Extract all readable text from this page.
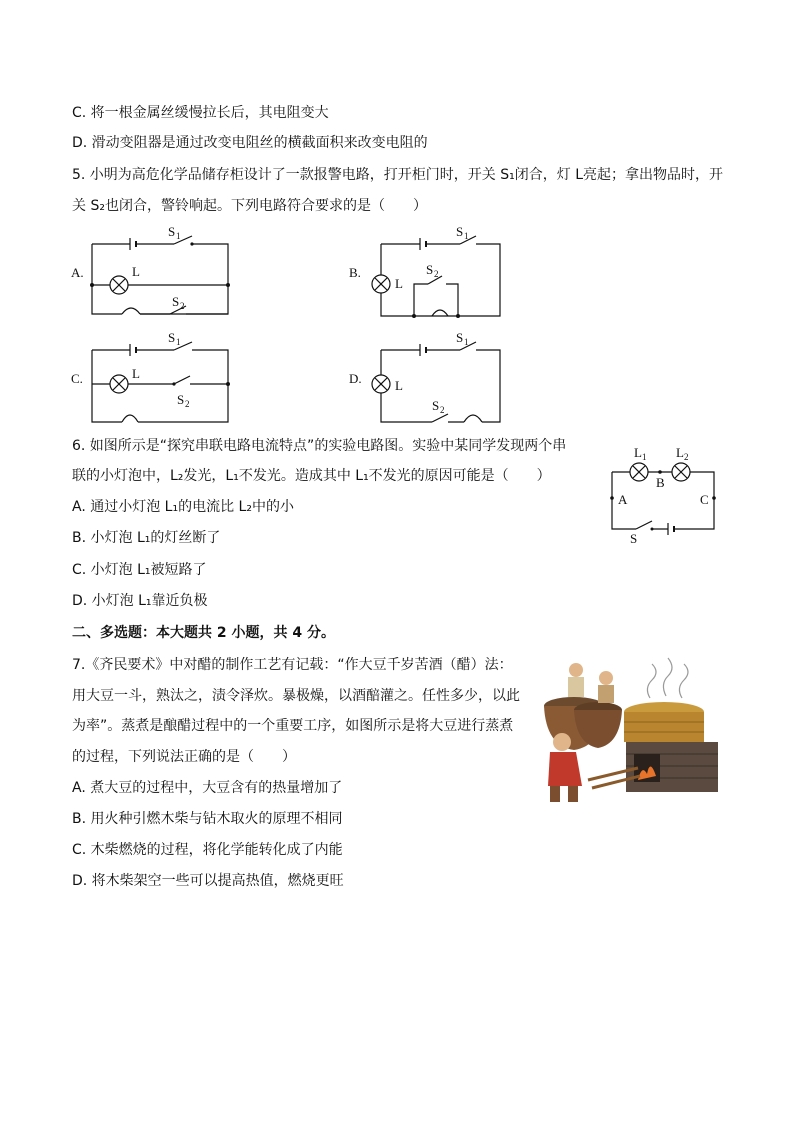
C. 将一根金属丝缓慢拉长后，其电阻变大
D. 滑动变阻器是通过改变电阻丝的横截面积来改变电阻的
5. 小明为高危化学品储存柜设计了一款报警电路，打开柜门时，开关 S₁闭合，灯 L亮起；拿出物品时，开
关 S₂也闭合，警铃响起。下列电路符合要求的是（　　）
A.
S 1
L
S 2
B.
S 1
L
S 2
C.
S 1
L
S 2
D.
S 1
L
S 2
6. 如图所示是“探究串联电路电流特点”的实验电路图。实验中某同学发现两个串
联的小灯泡中，L₂发光，L₁不发光。造成其中 L₁不发光的原因可能是（　　）
A. 通过小灯泡 L₁的电流比 L₂中的小
B. 小灯泡 L₁的灯丝断了
C. 小灯泡 L₁被短路了
D. 小灯泡 L₁靠近负极
L 1 L 2
B
A	C
S
二、多选题：本大题共 2 小题，共 4 分。
7.《齐民要术》中对醋的制作工艺有记载：“作大豆千岁苦酒（醋）法：
用大豆一斗，熟汰之，渍令泽炊。暴极燥，以酒醅灌之。任性多少，以此
为率”。蒸煮是酿醋过程中的一个重要工序，如图所示是将大豆进行蒸煮
的过程，下列说法正确的是（　　）
A. 煮大豆的过程中，大豆含有的热量增加了
B. 用火种引燃木柴与钻木取火的原理不相同
C. 木柴燃烧的过程，将化学能转化成了内能
D. 将木柴架空一些可以提高热值，燃烧更旺
